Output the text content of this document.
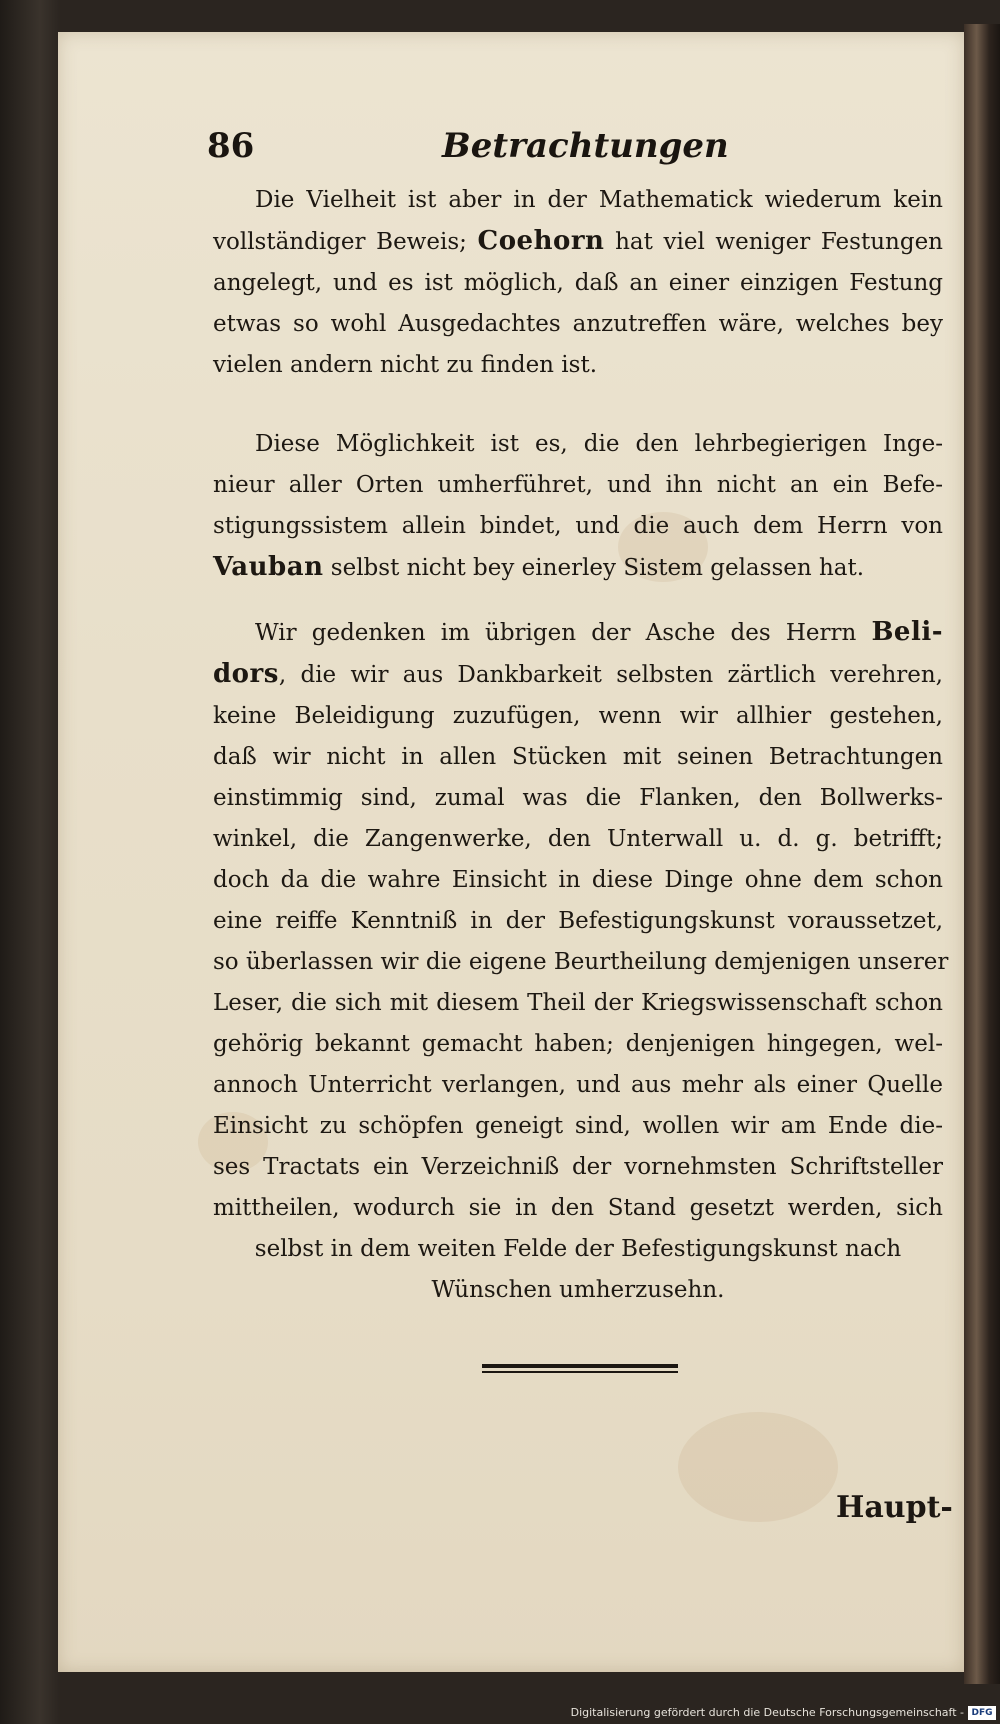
86	Betrachtungen
Die Vielheit ist aber in der Mathematick wiederum kein
vollständiger Beweis; Coehorn hat viel weniger Festungen
angelegt, und es ist möglich, daß an einer einzigen Festung
etwas so wohl Ausgedachtes anzutreffen wäre, welches bey
vielen andern nicht zu finden ist.
Diese Möglichkeit ist es, die den lehrbegierigen Inge-
nieur aller Orten umherführet, und ihn nicht an ein Befe-
stigungssistem allein bindet, und die auch dem Herrn von
Vauban selbst nicht bey einerley Sistem gelassen hat.
Wir gedenken im übrigen der Asche des Herrn Beli-
dors, die wir aus Dankbarkeit selbsten zärtlich verehren,
keine Beleidigung zuzufügen, wenn wir allhier gestehen,
daß wir nicht in allen Stücken mit seinen Betrachtungen
einstimmig sind, zumal was die Flanken, den Bollwerks-
winkel, die Zangenwerke, den Unterwall u. d. g. betrifft;
doch da die wahre Einsicht in diese Dinge ohne dem schon
eine reiffe Kenntniß in der Befestigungskunst voraussetzet,
so überlassen wir die eigene Beurtheilung demjenigen unserer
Leser, die sich mit diesem Theil der Kriegswissenschaft schon
gehörig bekannt gemacht haben; denjenigen hingegen, wel-
annoch Unterricht verlangen, und aus mehr als einer Quelle
Einsicht zu schöpfen geneigt sind, wollen wir am Ende die-
ses Tractats ein Verzeichniß der vornehmsten Schriftsteller
mittheilen, wodurch sie in den Stand gesetzt werden, sich
selbst in dem weiten Felde der Befestigungskunst nach
Wünschen umherzusehn.
Haupt-
Digitalisierung gefördert durch die Deutsche Forschungsgemeinschaft - DFG
